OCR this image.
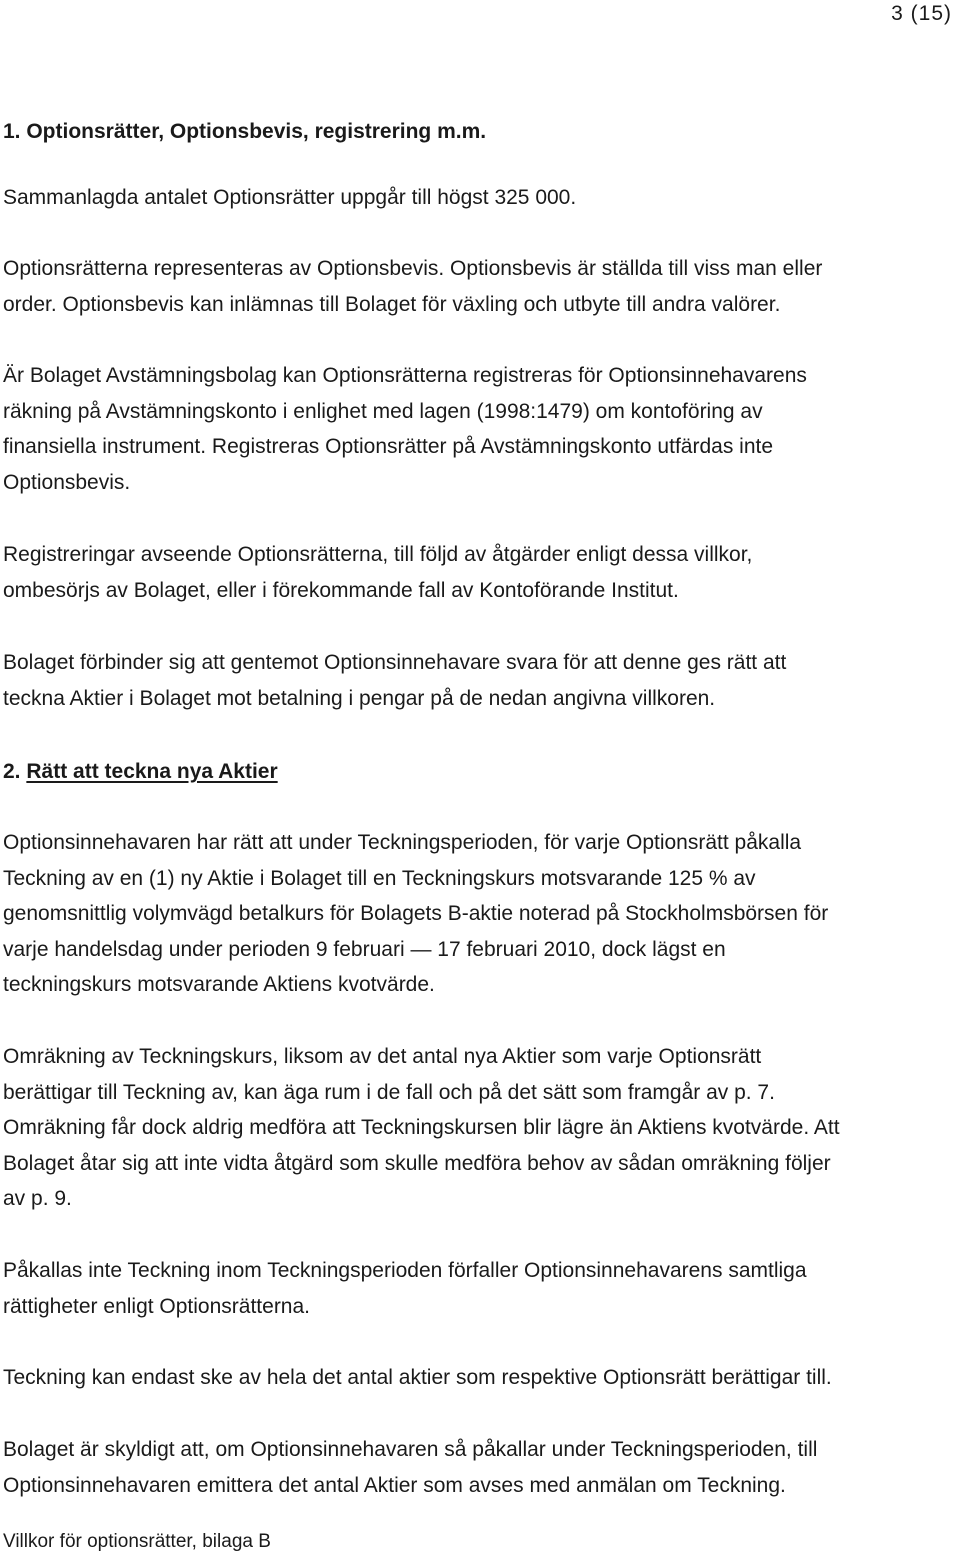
3 (15)
1. Optionsrätter, Optionsbevis, registrering m.m.
Sammanlagda antalet Optionsrätter uppgår till högst 325 000.
Optionsrätterna representeras av Optionsbevis. Optionsbevis är ställda till viss man eller
order. Optionsbevis kan inlämnas till Bolaget för växling och utbyte till andra valörer.
Är Bolaget Avstämningsbolag kan Optionsrätterna registreras för Optionsinnehavarens
räkning på Avstämningskonto i enlighet med lagen (1998:1479) om kontoföring av
finansiella instrument. Registreras Optionsrätter på Avstämningskonto utfärdas inte
Optionsbevis.
Registreringar avseende Optionsrätterna, till följd av åtgärder enligt dessa villkor,
ombesörjs av Bolaget, eller i förekommande fall av Kontoförande Institut.
Bolaget förbinder sig att gentemot Optionsinnehavare svara för att denne ges rätt att
teckna Aktier i Bolaget mot betalning i pengar på de nedan angivna villkoren.
2. Rätt att teckna nya Aktier
Optionsinnehavaren har rätt att under Teckningsperioden, för varje Optionsrätt påkalla
Teckning av en (1) ny Aktie i Bolaget till en Teckningskurs motsvarande 125 % av
genomsnittlig volymvägd betalkurs för Bolagets B-aktie noterad på Stockholmsbörsen för
varje handelsdag under perioden 9 februari — 17 februari 2010, dock lägst en
teckningskurs motsvarande Aktiens kvotvärde.
Omräkning av Teckningskurs, liksom av det antal nya Aktier som varje Optionsrätt
berättigar till Teckning av, kan äga rum i de fall och på det sätt som framgår av p. 7.
Omräkning får dock aldrig medföra att Teckningskursen blir lägre än Aktiens kvotvärde. Att
Bolaget åtar sig att inte vidta åtgärd som skulle medföra behov av sådan omräkning följer
av p. 9.
Påkallas inte Teckning inom Teckningsperioden förfaller Optionsinnehavarens samtliga
rättigheter enligt Optionsrätterna.
Teckning kan endast ske av hela det antal aktier som respektive Optionsrätt berättigar till.
Bolaget är skyldigt att, om Optionsinnehavaren så påkallar under Teckningsperioden, till
Optionsinnehavaren emittera det antal Aktier som avses med anmälan om Teckning.
Villkor för optionsrätter, bilaga B
